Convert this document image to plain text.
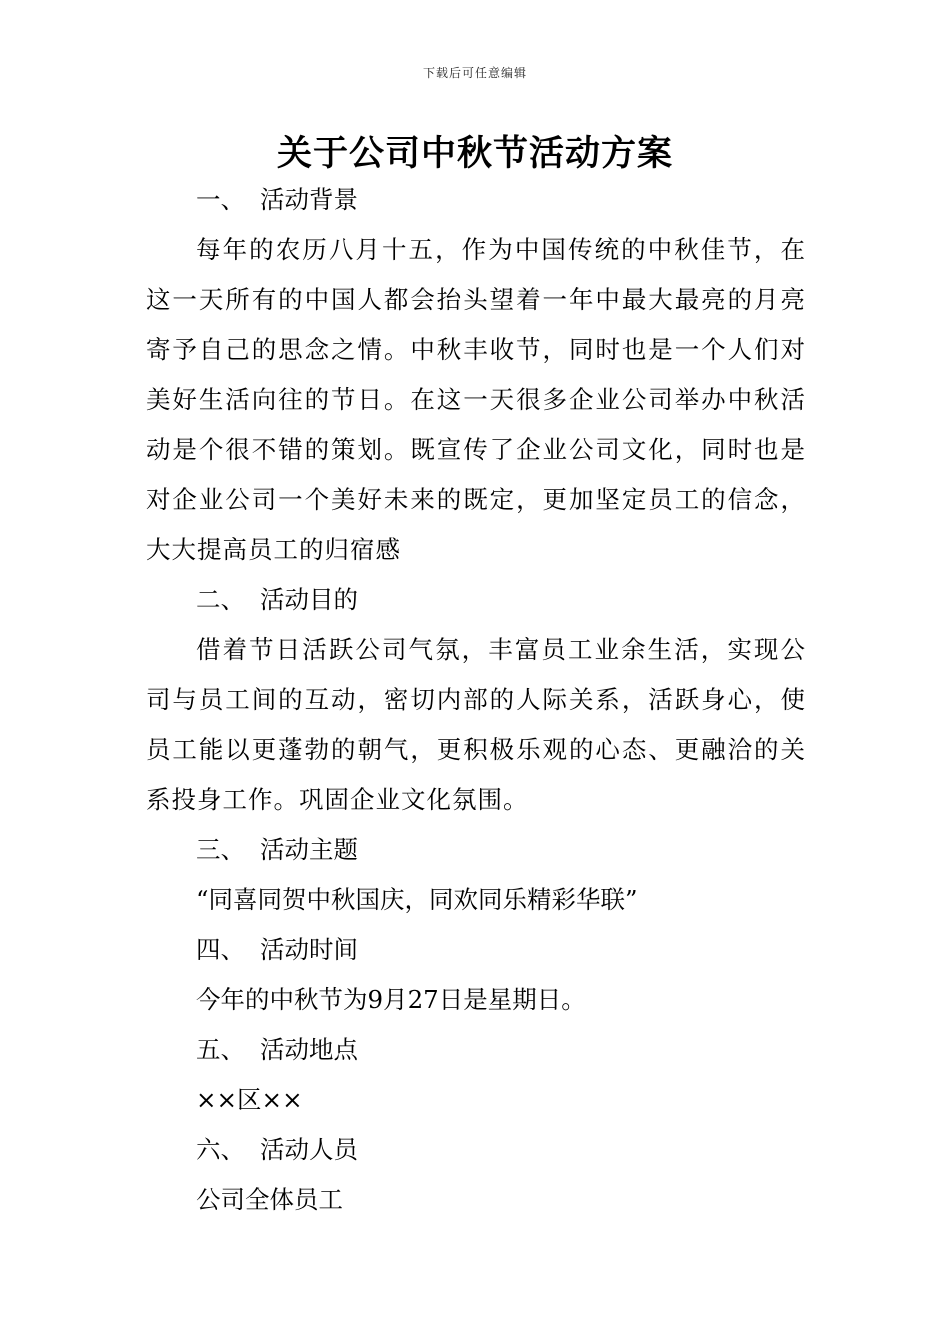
下载后可任意编辑
关于公司中秋节活动方案

一、 活动背景

每年的农历八月十五，作为中国传统的中秋佳节，在这一天所有的中国人都会抬头望着一年中最大最亮的月亮寄予自己的思念之情。中秋丰收节，同时也是一个人们对美好生活向往的节日。在这一天很多企业公司举办中秋活动是个很不错的策划。既宣传了企业公司文化，同时也是对企业公司一个美好未来的既定，更加坚定员工的信念，大大提高员工的归宿感

二、 活动目的

借着节日活跃公司气氛，丰富员工业余生活，实现公司与员工间的互动，密切内部的人际关系，活跃身心，使员工能以更蓬勃的朝气，更积极乐观的心态、更融洽的关系投身工作。巩固企业文化氛围。

三、 活动主题

“同喜同贺中秋国庆，同欢同乐精彩华联”

四、 活动时间

今年的中秋节为9月27日是星期日。

五、 活动地点

××区××

六、 活动人员

公司全体员工
